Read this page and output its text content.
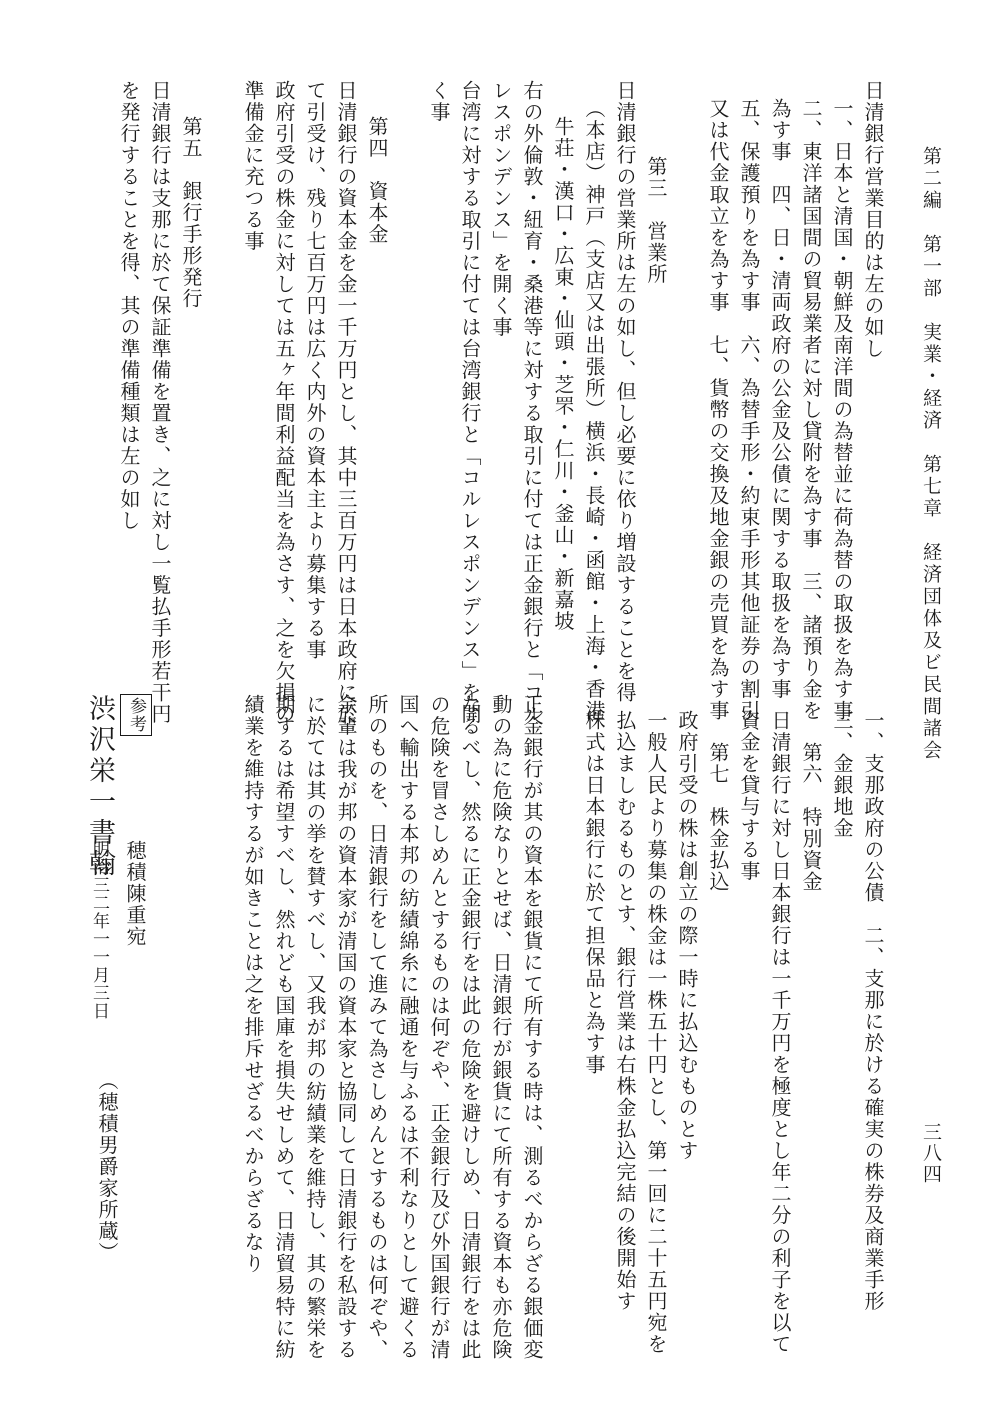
第二編　第一部　実業・経済　第七章　経済団体及ビ民間諸会
三八四
日清銀行営業目的は左の如し
一、日本と清国・朝鮮及南洋間の為替並に荷為替の取扱を為す事
二、東洋諸国間の貿易業者に対し貸附を為す事　三、諸預り金を
為す事　四、日・清両政府の公金及公債に関する取扱を為す事
五、保護預りを為す事　六、為替手形・約束手形其他証券の割引
又は代金取立を為す事　七、貨幣の交換及地金銀の売買を為す事
第三　営業所
日清銀行の営業所は左の如し、但し必要に依り増設することを得
（本店）神戸（支店又は出張所）横浜・長崎・函館・上海・香港
牛荘・漢口・広東・仙頭・芝罘・仁川・釜山・新嘉坡
右の外倫敦・紐育・桑港等に対する取引に付ては正金銀行と「コル
レスポンデンス」を開く事
台湾に対する取引に付ては台湾銀行と「コルレスポンデンス」を開
く事
第四　資本金
日清銀行の資本金を金一千万円とし、其中三百万円は日本政府に於
て引受け、残り七百万円は広く内外の資本主より募集する事
政府引受の株金に対しては五ヶ年間利益配当を為さす、之を欠損の
準備金に充つる事
第五　銀行手形発行
日清銀行は支那に於て保証準備を置き、之に対し一覧払手形若干円
を発行することを得、其の準備種類は左の如し
一、支那政府の公債　二、支那に於ける確実の株券及商業手形
三、金銀地金
第六　特別資金
日清銀行に対し日本銀行は一千万円を極度とし年二分の利子を以て
資金を貸与する事
第七　株金払込
政府引受の株は創立の際一時に払込むものとす
一般人民より募集の株金は一株五十円とし、第一回に二十五円宛を
払込ましむるものとす、銀行営業は右株金払込完結の後開始す
株式は日本銀行に於て担保品と為す事
正金銀行が其の資本を銀貨にて所有する時は、測るべからざる銀価変
動の為に危険なりとせば、日清銀行が銀貨にて所有する資本も亦危険
なるべし、然るに正金銀行をは此の危険を避けしめ、日清銀行をは此
の危険を冒さしめんとするものは何ぞや、正金銀行及び外国銀行が清
国へ輸出する本邦の紡績綿糸に融通を与ふるは不利なりとして避くる
所のものを、日清銀行をして進みて為さしめんとするものは何ぞや、
余輩は我が邦の資本家が清国の資本家と協同して日清銀行を私設する
に於ては其の挙を賛すべし、又我が邦の紡績業を維持し、其の繁栄を
期するは希望すべし、然れども国庫を損失せしめて、日清貿易特に紡
績業を維持するが如きことは之を排斥せざるべからざるなり
参考
渋沢栄一書翰
穂積陳重宛
明治三二年一一月三日
（穂積男爵家所蔵）
